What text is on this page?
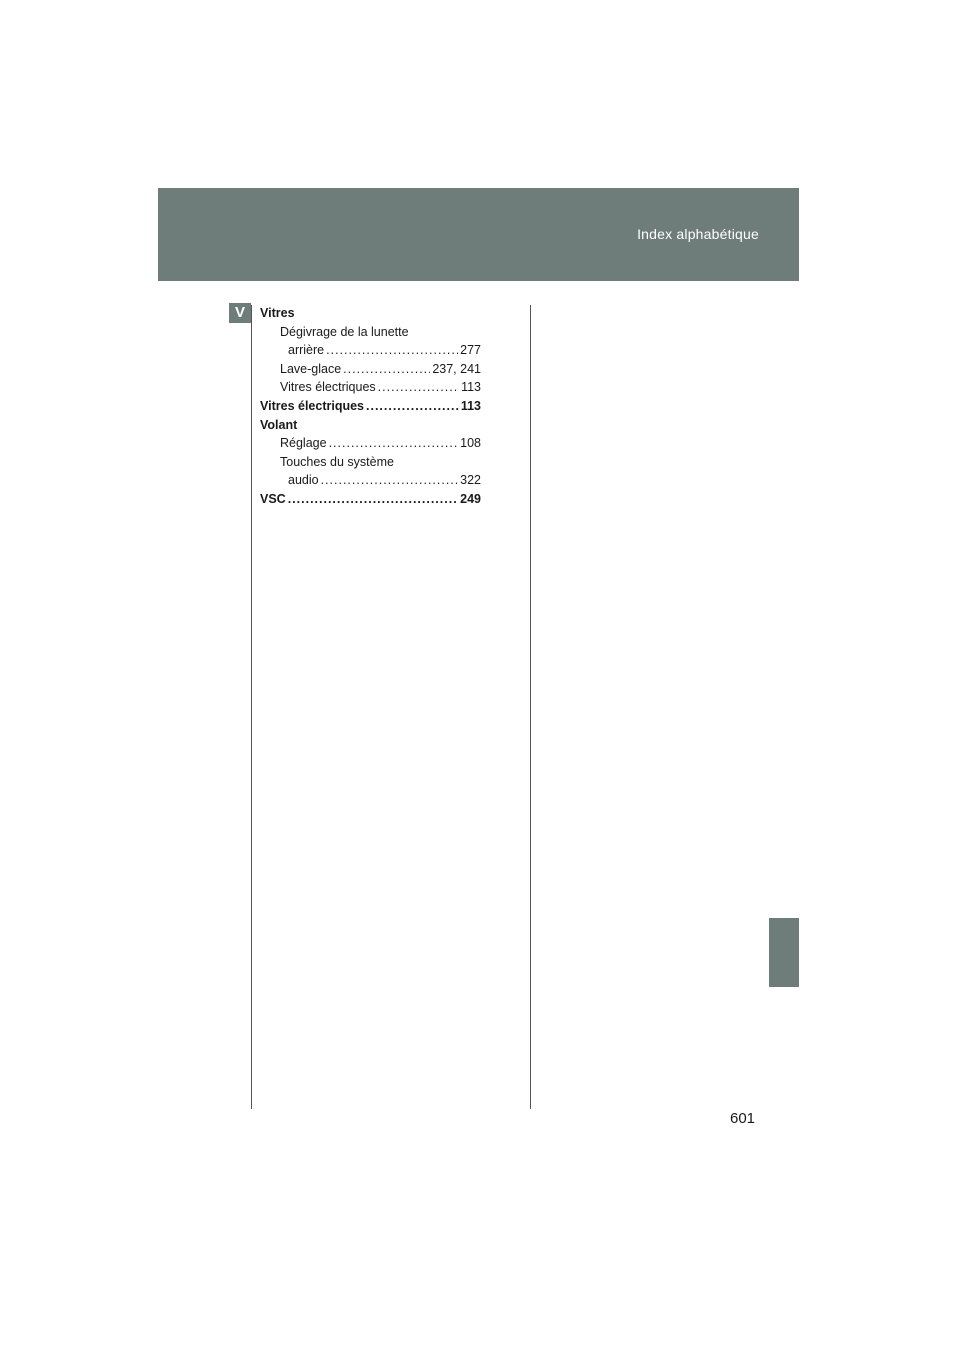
Index alphabétique
V	Vitres
Dégivrage de la lunette
arrière .....	277
Lave-glace .....	237, 241
Vitres électriques .....	113
Vitres électriques .....	113
Volant
Réglage .....	108
Touches du système
audio .....	322
VSC .....	249
601
